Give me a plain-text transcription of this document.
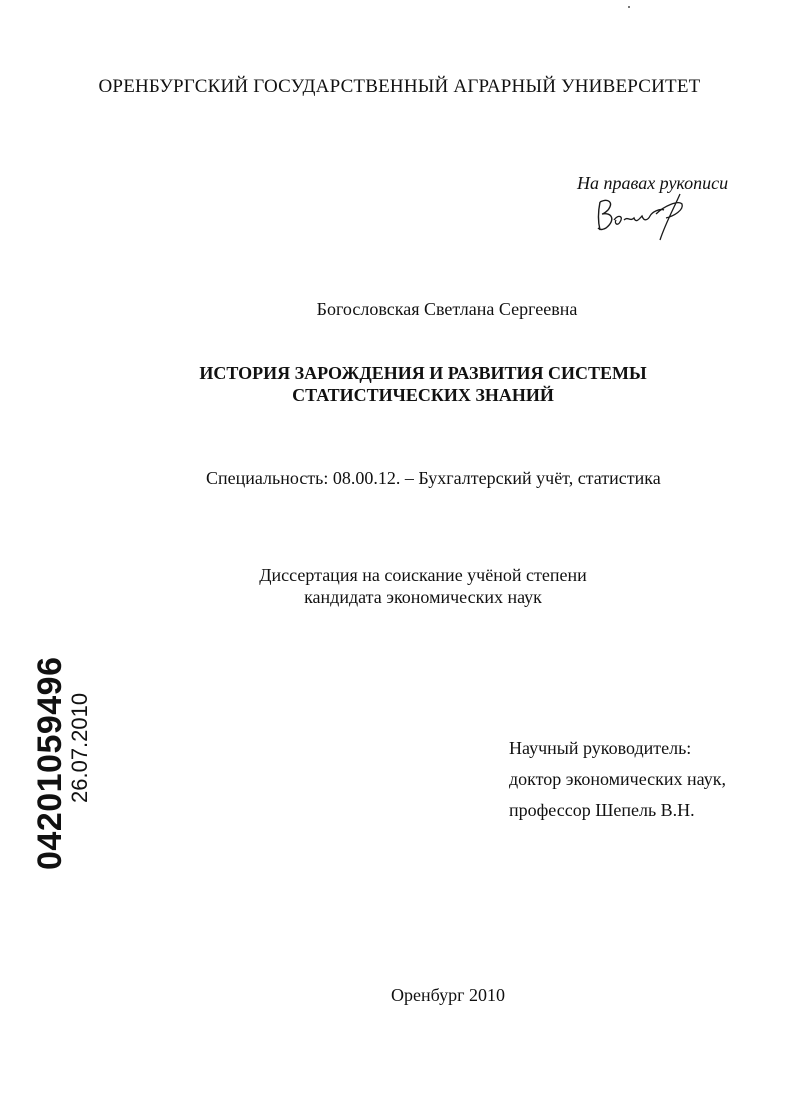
ОРЕНБУРГСКИЙ ГОСУДАРСТВЕННЫЙ АГРАРНЫЙ УНИВЕРСИТЕТ
На правах рукописи
Богословская Светлана Сергеевна
ИСТОРИЯ ЗАРОЖДЕНИЯ И РАЗВИТИЯ СИСТЕМЫ
СТАТИСТИЧЕСКИХ ЗНАНИЙ
Специальность: 08.00.12. – Бухгалтерский учёт, статистика
Диссертация на соискание учёной степени
кандидата экономических наук
Научный руководитель:
доктор экономических наук,
профессор Шепель В.Н.
04201059496
26.07.2010
Оренбург 2010
